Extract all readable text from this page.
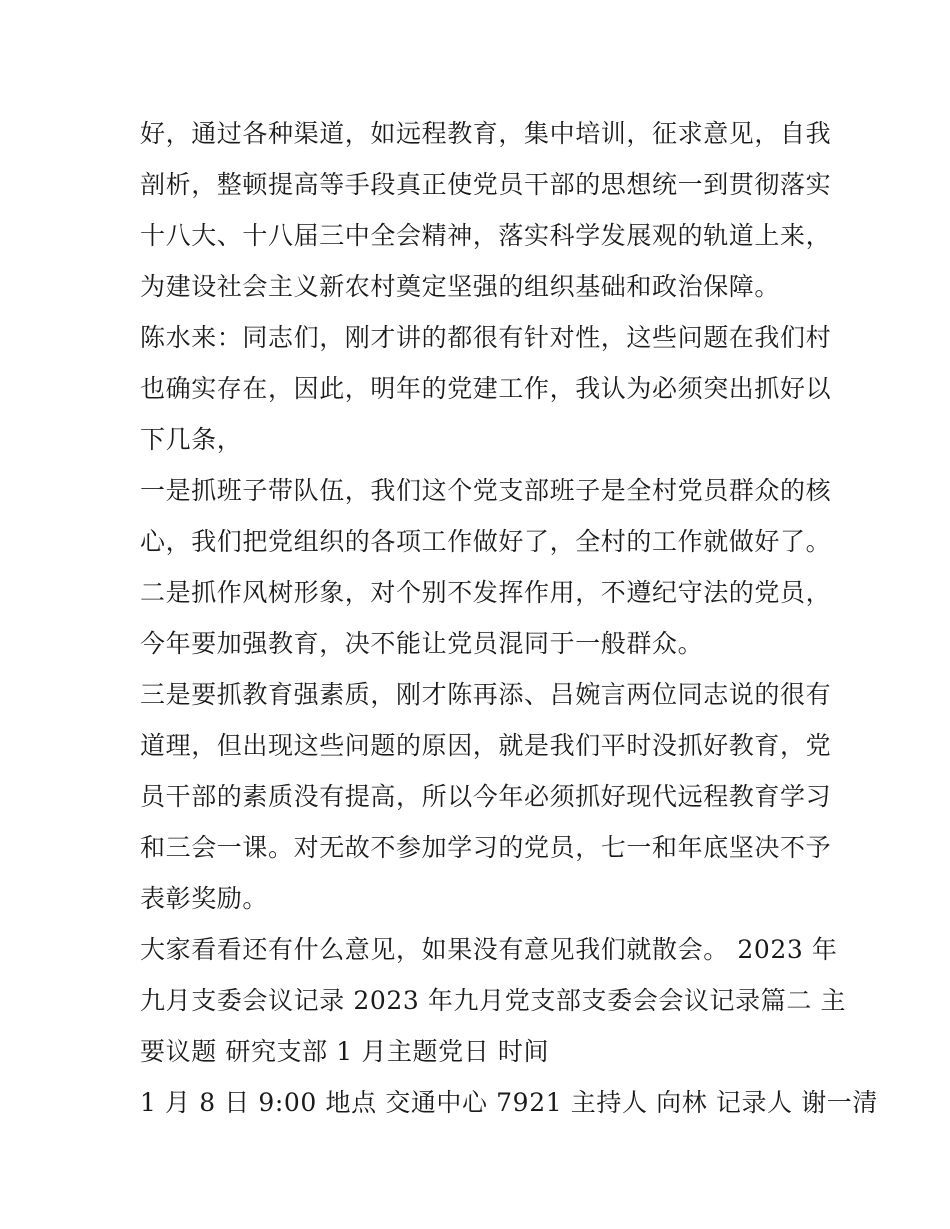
好，通过各种渠道，如远程教育，集中培训，征求意见，自我
剖析，整顿提高等手段真正使党员干部的思想统一到贯彻落实
十八大、十八届三中全会精神，落实科学发展观的轨道上来，
为建设社会主义新农村奠定坚强的组织基础和政治保障。
陈水来：同志们，刚才讲的都很有针对性，这些问题在我们村
也确实存在，因此，明年的党建工作，我认为必须突出抓好以
下几条，
一是抓班子带队伍，我们这个党支部班子是全村党员群众的核
心，我们把党组织的各项工作做好了，全村的工作就做好了。
二是抓作风树形象，对个别不发挥作用，不遵纪守法的党员，
今年要加强教育，决不能让党员混同于一般群众。
三是要抓教育强素质，刚才陈再添、吕婉言两位同志说的很有
道理，但出现这些问题的原因，就是我们平时没抓好教育，党
员干部的素质没有提高，所以今年必须抓好现代远程教育学习
和三会一课。对无故不参加学习的党员，七一和年底坚决不予
表彰奖励。
大家看看还有什么意见，如果没有意见我们就散会。 2023 年
九月支委会议记录 2023 年九月党支部支委会会议记录篇二 主
要议题 研究支部 1 月主题党日 时间
1 月 8 日 9:00 地点 交通中心 7921 主持人 向林 记录人 谢一清
